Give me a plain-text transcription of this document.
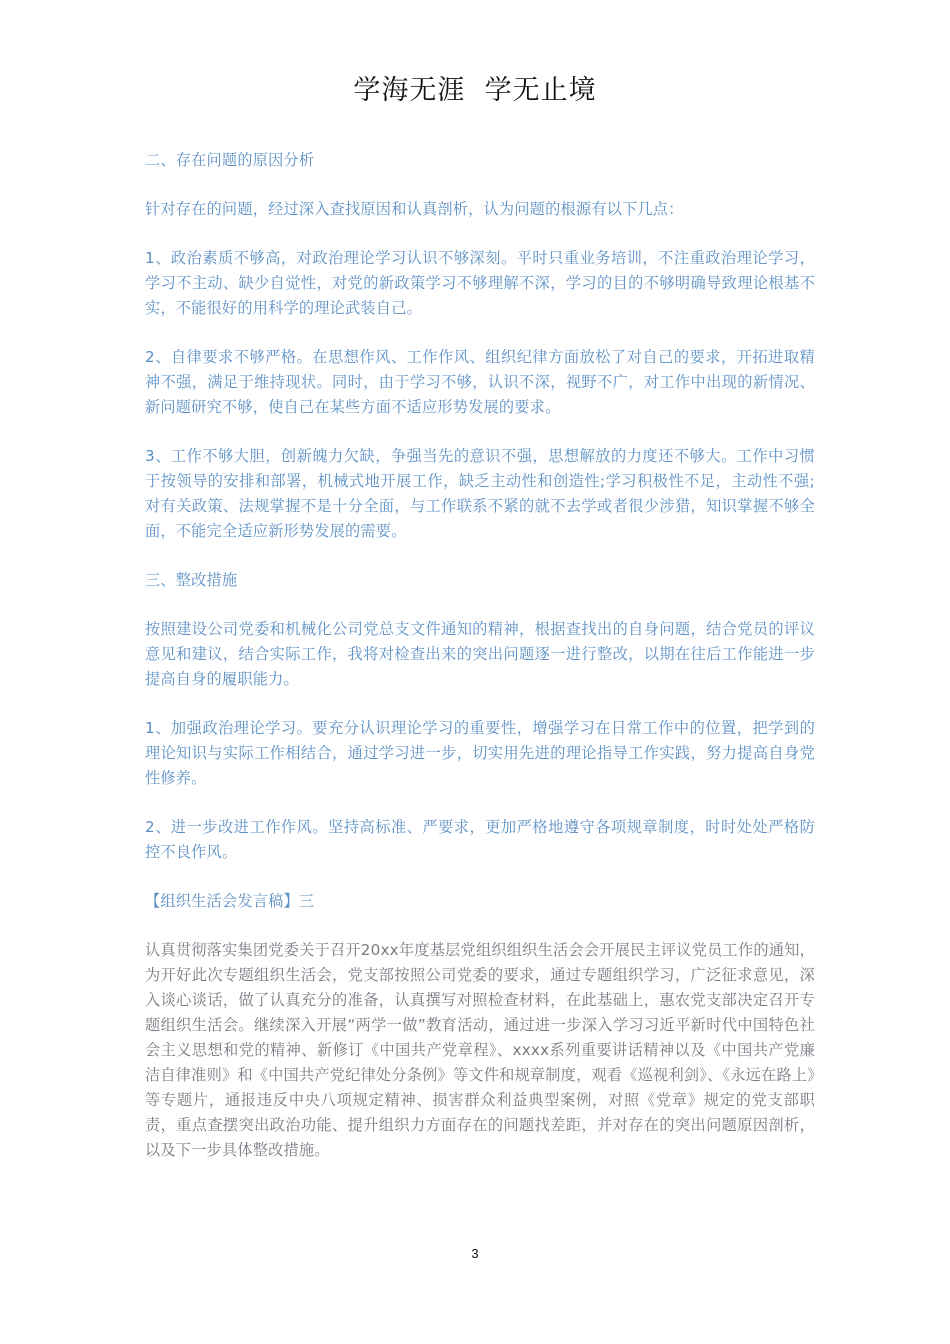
学海无涯  学无止境

二、存在问题的原因分析

针对存在的问题，经过深入查找原因和认真剖析，认为问题的根源有以下几点：

1、政治素质不够高，对政治理论学习认识不够深刻。平时只重业务培训，不注重政治理论学习，学习不主动、缺少自觉性，对党的新政策学习不够理解不深，学习的目的不够明确导致理论根基不实，不能很好的用科学的理论武装自己。

2、自律要求不够严格。在思想作风、工作作风、组织纪律方面放松了对自己的要求，开拓进取精神不强，满足于维持现状。同时，由于学习不够，认识不深，视野不广，对工作中出现的新情况、新问题研究不够，使自己在某些方面不适应形势发展的要求。

3、工作不够大胆，创新魄力欠缺，争强当先的意识不强，思想解放的力度还不够大。工作中习惯于按领导的安排和部署，机械式地开展工作，缺乏主动性和创造性;学习积极性不足，主动性不强;对有关政策、法规掌握不是十分全面，与工作联系不紧的就不去学或者很少涉猎，知识掌握不够全面，不能完全适应新形势发展的需要。

三、整改措施

按照建设公司党委和机械化公司党总支文件通知的精神，根据查找出的自身问题，结合党员的评议意见和建议，结合实际工作，我将对检查出来的突出问题逐一进行整改，以期在往后工作能进一步提高自身的履职能力。

1、加强政治理论学习。要充分认识理论学习的重要性，增强学习在日常工作中的位置，把学到的理论知识与实际工作相结合，通过学习进一步，切实用先进的理论指导工作实践，努力提高自身党性修养。

2、进一步改进工作作风。坚持高标准、严要求，更加严格地遵守各项规章制度，时时处处严格防控不良作风。

【组织生活会发言稿】三

认真贯彻落实集团党委关于召开20xx年度基层党组织组织生活会会开展民主评议党员工作的通知，为开好此次专题组织生活会，党支部按照公司党委的要求，通过专题组织学习，广泛征求意见，深入谈心谈话，做了认真充分的准备，认真撰写对照检查材料，在此基础上，惠农党支部决定召开专题组织生活会。继续深入开展“两学一做”教育活动，通过进一步深入学习习近平新时代中国特色社会主义思想和党的精神、新修订《中国共产党章程》、xxxx系列重要讲话精神以及《中国共产党廉洁自律准则》和《中国共产党纪律处分条例》等文件和规章制度，观看《巡视利剑》、《永远在路上》等专题片，通报违反中央八项规定精神、损害群众利益典型案例，对照《党章》规定的党支部职责，重点查摆突出政治功能、提升组织力方面存在的问题找差距，并对存在的突出问题原因剖析，以及下一步具体整改措施。

3
